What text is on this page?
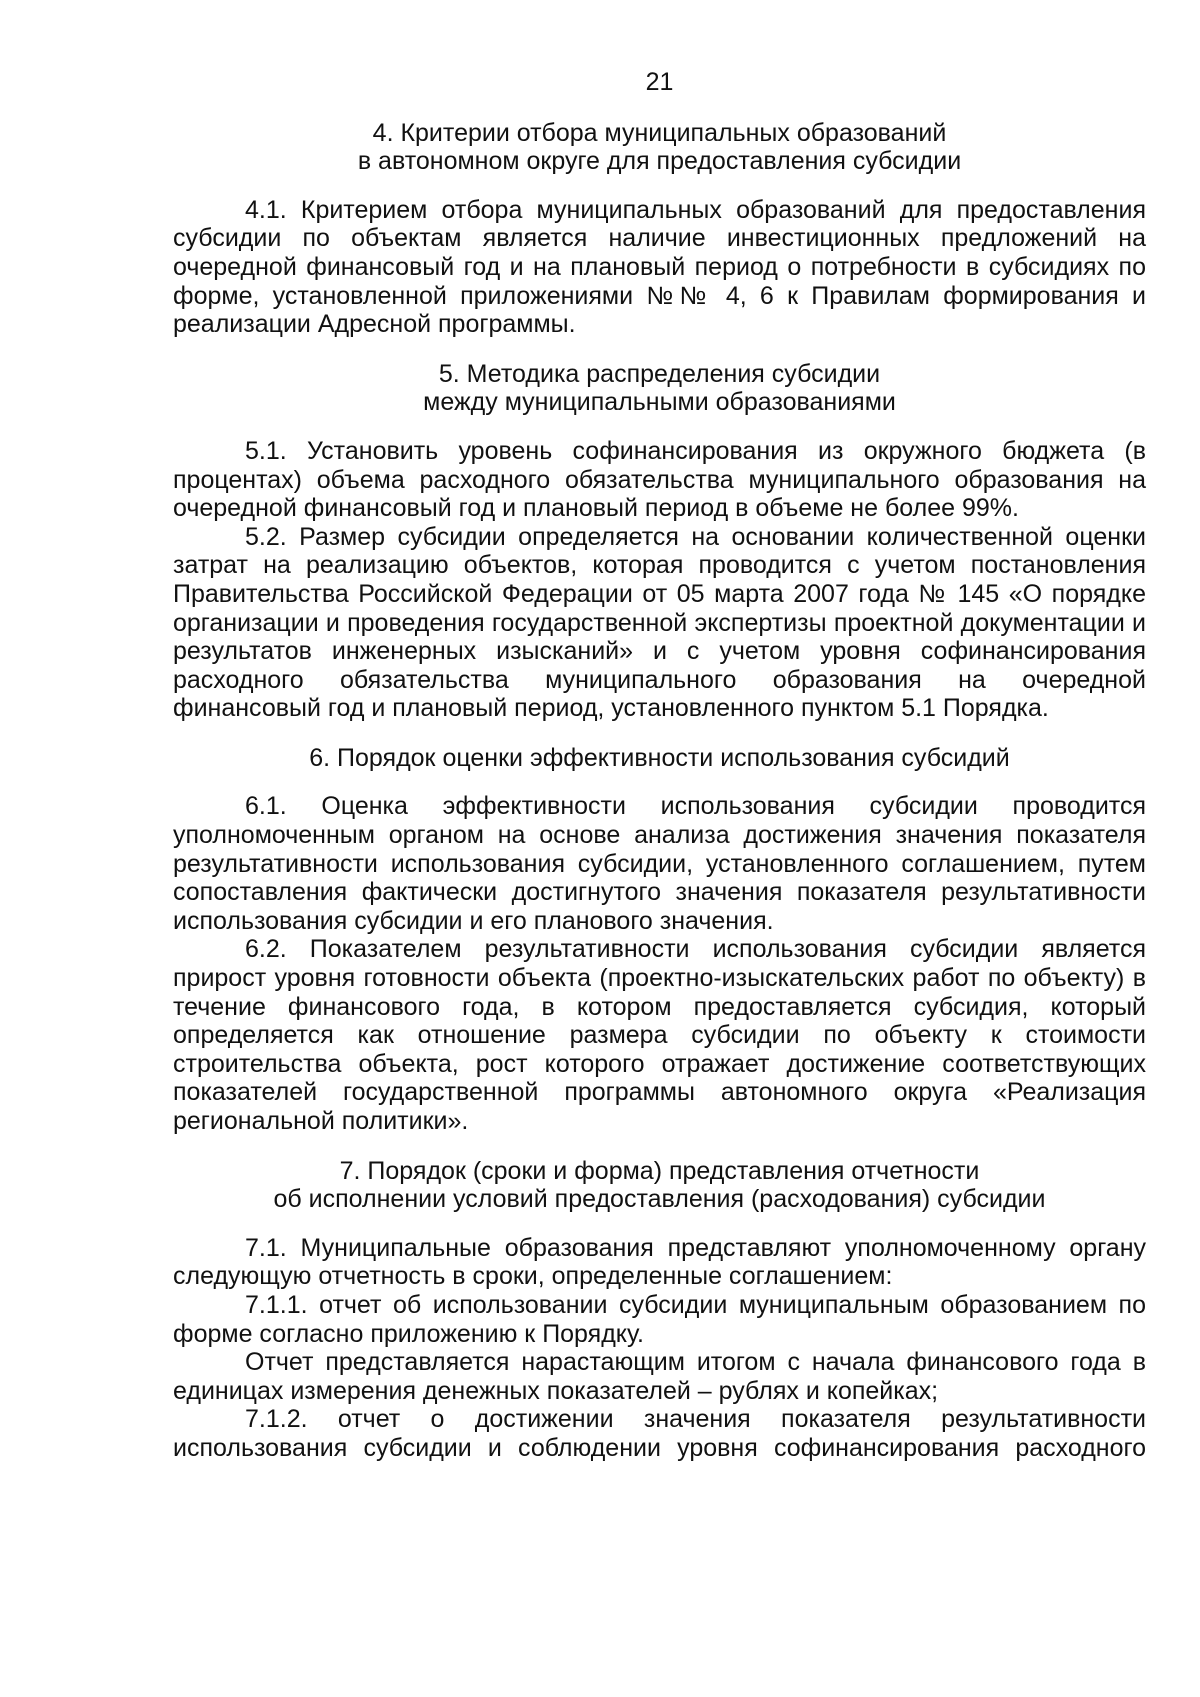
21
4. Критерии отбора муниципальных образований
в автономном округе для предоставления субсидии

4.1. Критерием отбора муниципальных образований для предоставления субсидии по объектам является наличие инвестиционных предложений на очередной финансовый год и на плановый период о потребности в субсидиях по форме, установленной приложениями №№ 4, 6 к Правилам формирования и реализации Адресной программы.

5. Методика распределения субсидии
между муниципальными образованиями

5.1. Установить уровень софинансирования из окружного бюджета (в процентах) объема расходного обязательства муниципального образования на очередной финансовый год и плановый период в объеме не более 99%.

5.2. Размер субсидии определяется на основании количественной оценки затрат на реализацию объектов, которая проводится с учетом постановления Правительства Российской Федерации от 05 марта 2007 года № 145 «О порядке организации и проведения государственной экспертизы проектной документации и результатов инженерных изысканий» и с учетом уровня софинансирования расходного обязательства муниципального образования на очередной финансовый год и плановый период, установленного пунктом 5.1 Порядка.

6. Порядок оценки эффективности использования субсидий

6.1. Оценка эффективности использования субсидии проводится уполномоченным органом на основе анализа достижения значения показателя результативности использования субсидии, установленного соглашением, путем сопоставления фактически достигнутого значения показателя результативности использования субсидии и его планового значения.

6.2. Показателем результативности использования субсидии является прирост уровня готовности объекта (проектно-изыскательских работ по объекту) в течение финансового года, в котором предоставляется субсидия, который определяется как отношение размера субсидии по объекту к стоимости строительства объекта, рост которого отражает достижение соответствующих показателей государственной программы автономного округа «Реализация региональной политики».

7. Порядок (сроки и форма) представления отчетности
об исполнении условий предоставления (расходования) субсидии

7.1. Муниципальные образования представляют уполномоченному органу следующую отчетность в сроки, определенные соглашением:

7.1.1. отчет об использовании субсидии муниципальным образованием по форме согласно приложению к Порядку.

Отчет представляется нарастающим итогом с начала финансового года в единицах измерения денежных показателей – рублях и копейках;

7.1.2. отчет о достижении значения показателя результативности использования субсидии и соблюдении уровня софинансирования расходного
